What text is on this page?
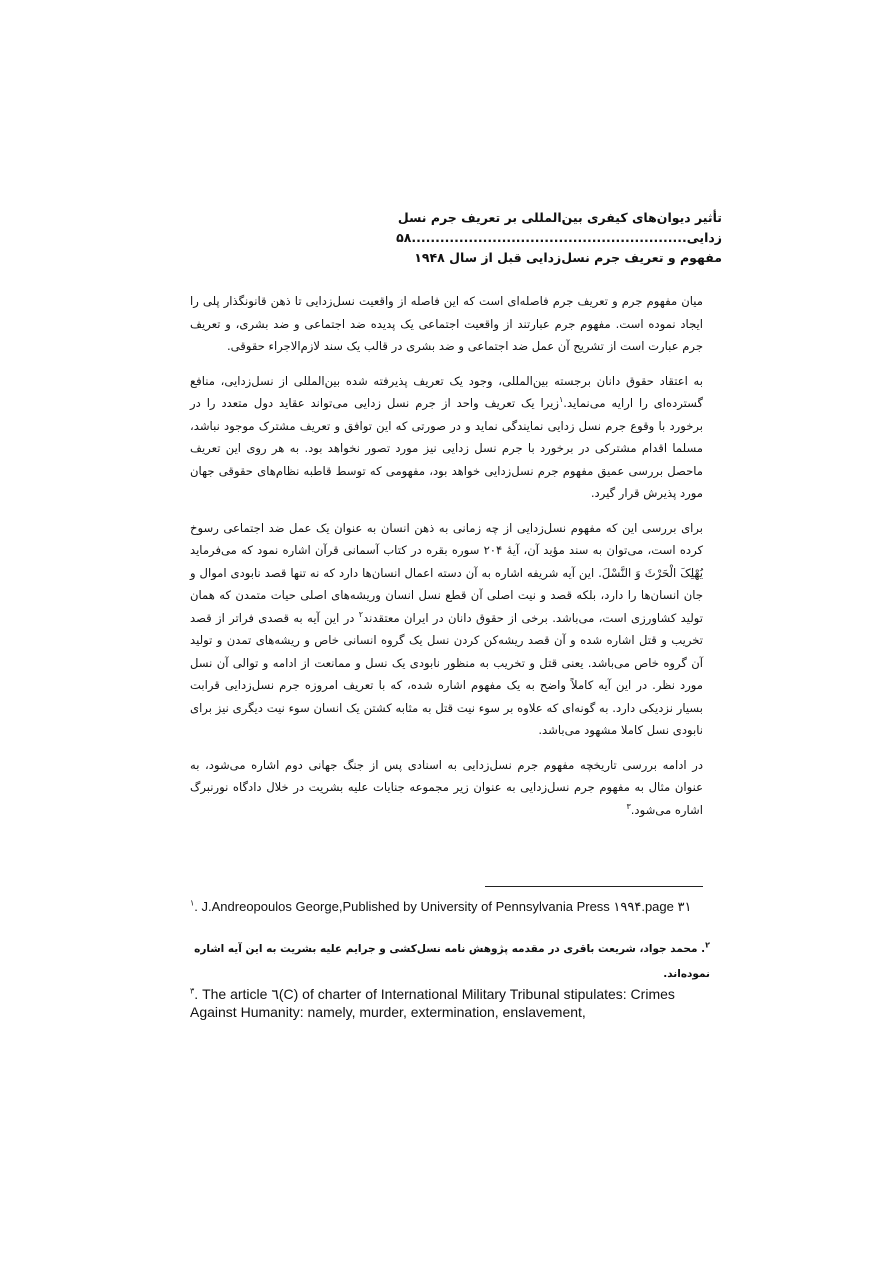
تأثیر دیوان‌های کیفری بین‌المللی بر تعریف جرم نسل
زدایی..........................................................۵۸
مفهوم و تعریف جرم نسل‌زدایی قبل از سال ۱۹۴۸

میان مفهوم جرم و تعریف جرم فاصله‌ای است که این فاصله از واقعیت نسل‌زدایی تا ذهن قانونگذار پلی را ایجاد نموده است. مفهوم جرم عبارتند از واقعیت اجتماعی یک پدیده ضد اجتماعی و ضد بشری، و تعریف جرم عبارت است از تشریح آن عمل ضد اجتماعی و ضد بشری در قالب یک سند لازم‌الاجراء حقوقی.

به اعتقاد حقوق دانان برجسته بین‌المللی، وجود یک تعریف پذیرفته شده بین‌المللی از نسل‌زدایی، منافع گسترده‌ای را ارایه می‌نماید.$^۱$زیرا یک تعریف واحد از جرم نسل زدایی می‌تواند عقاید دول متعدد را در برخورد با وقوع جرم نسل زدایی نمایندگی نماید و در صورتی که این توافق و تعریف مشترک موجود نباشد، مسلما اقدام مشترکی در برخورد با جرم نسل زدایی نیز مورد تصور نخواهد بود. به هر روی این تعریف ماحصل بررسی عمیق مفهوم جرم نسل‌زدایی خواهد بود، مفهومی که توسط قاطبه نظام‌های حقوقی جهان مورد پذیرش قرار گیرد.

برای بررسی این که مفهوم نسل‌زدایی از چه زمانی به ذهن انسان به عنوان یک عمل ضد اجتماعی رسوخ کرده است، می‌توان به سند مؤید آن، آیهٔ ۲۰۴ سوره بقره در کتاب آسمانی قرآن اشاره نمود که می‌فرماید یُهْلِکَ الْحَرْثَ وَ النَّسْلَ. این آیه شریفه اشاره به آن دسته اعمال انسان‌ها دارد که نه تنها قصد نابودی اموال و جان انسان‌ها را دارد، بلکه قصد و نیت اصلی آن قطع نسل انسان وریشه‌های اصلی حیات متمدن که همان تولید کشاورزی است، می‌باشد. برخی از حقوق دانان در ایران معتقدند$^۲$ در این آیه به قصدی فراتر از قصد تخریب و قتل اشاره شده و آن قصد ریشه‌کن کردن نسل یک گروه انسانی خاص و ریشه‌های تمدن و تولید آن گروه خاص می‌باشد. یعنی قتل و تخریب به منظور نابودی یک نسل و ممانعت از ادامه و توالی آن نسل مورد نظر. در این آیه کاملاً واضح به یک مفهوم اشاره شده، که با تعریف امروزه جرم نسل‌زدایی قرابت بسیار نزدیکی دارد. به گونه‌ای که علاوه بر سوء نیت قتل به مثابه کشتن یک انسان سوء نیت دیگری نیز برای نابودی نسل کاملا مشهود می‌باشد.

در ادامه بررسی تاریخچه مفهوم جرم نسل‌زدایی به اسنادی پس از جنگ جهانی دوم اشاره می‌شود، به عنوان مثال به مفهوم جرم نسل‌زدایی به عنوان زیر مجموعه جنایات علیه بشریت در خلال دادگاه نورنبرگ اشاره می‌شود.$^۳$

$^۱$. J.Andreopoulos George,Published by University of Pennsylvania Press ۱۹۹۴.page ۳۱
$^۲$. محمد جواد، شریعت باقری در مقدمه پژوهش نامه نسل‌کشی و جرایم علیه بشریت به این آیه اشاره نموده‌اند.
$^۳$. The article ٦(C) of charter of International Military Tribunal stipulates: Crimes Against Humanity: namely, murder, extermination, enslavement,
